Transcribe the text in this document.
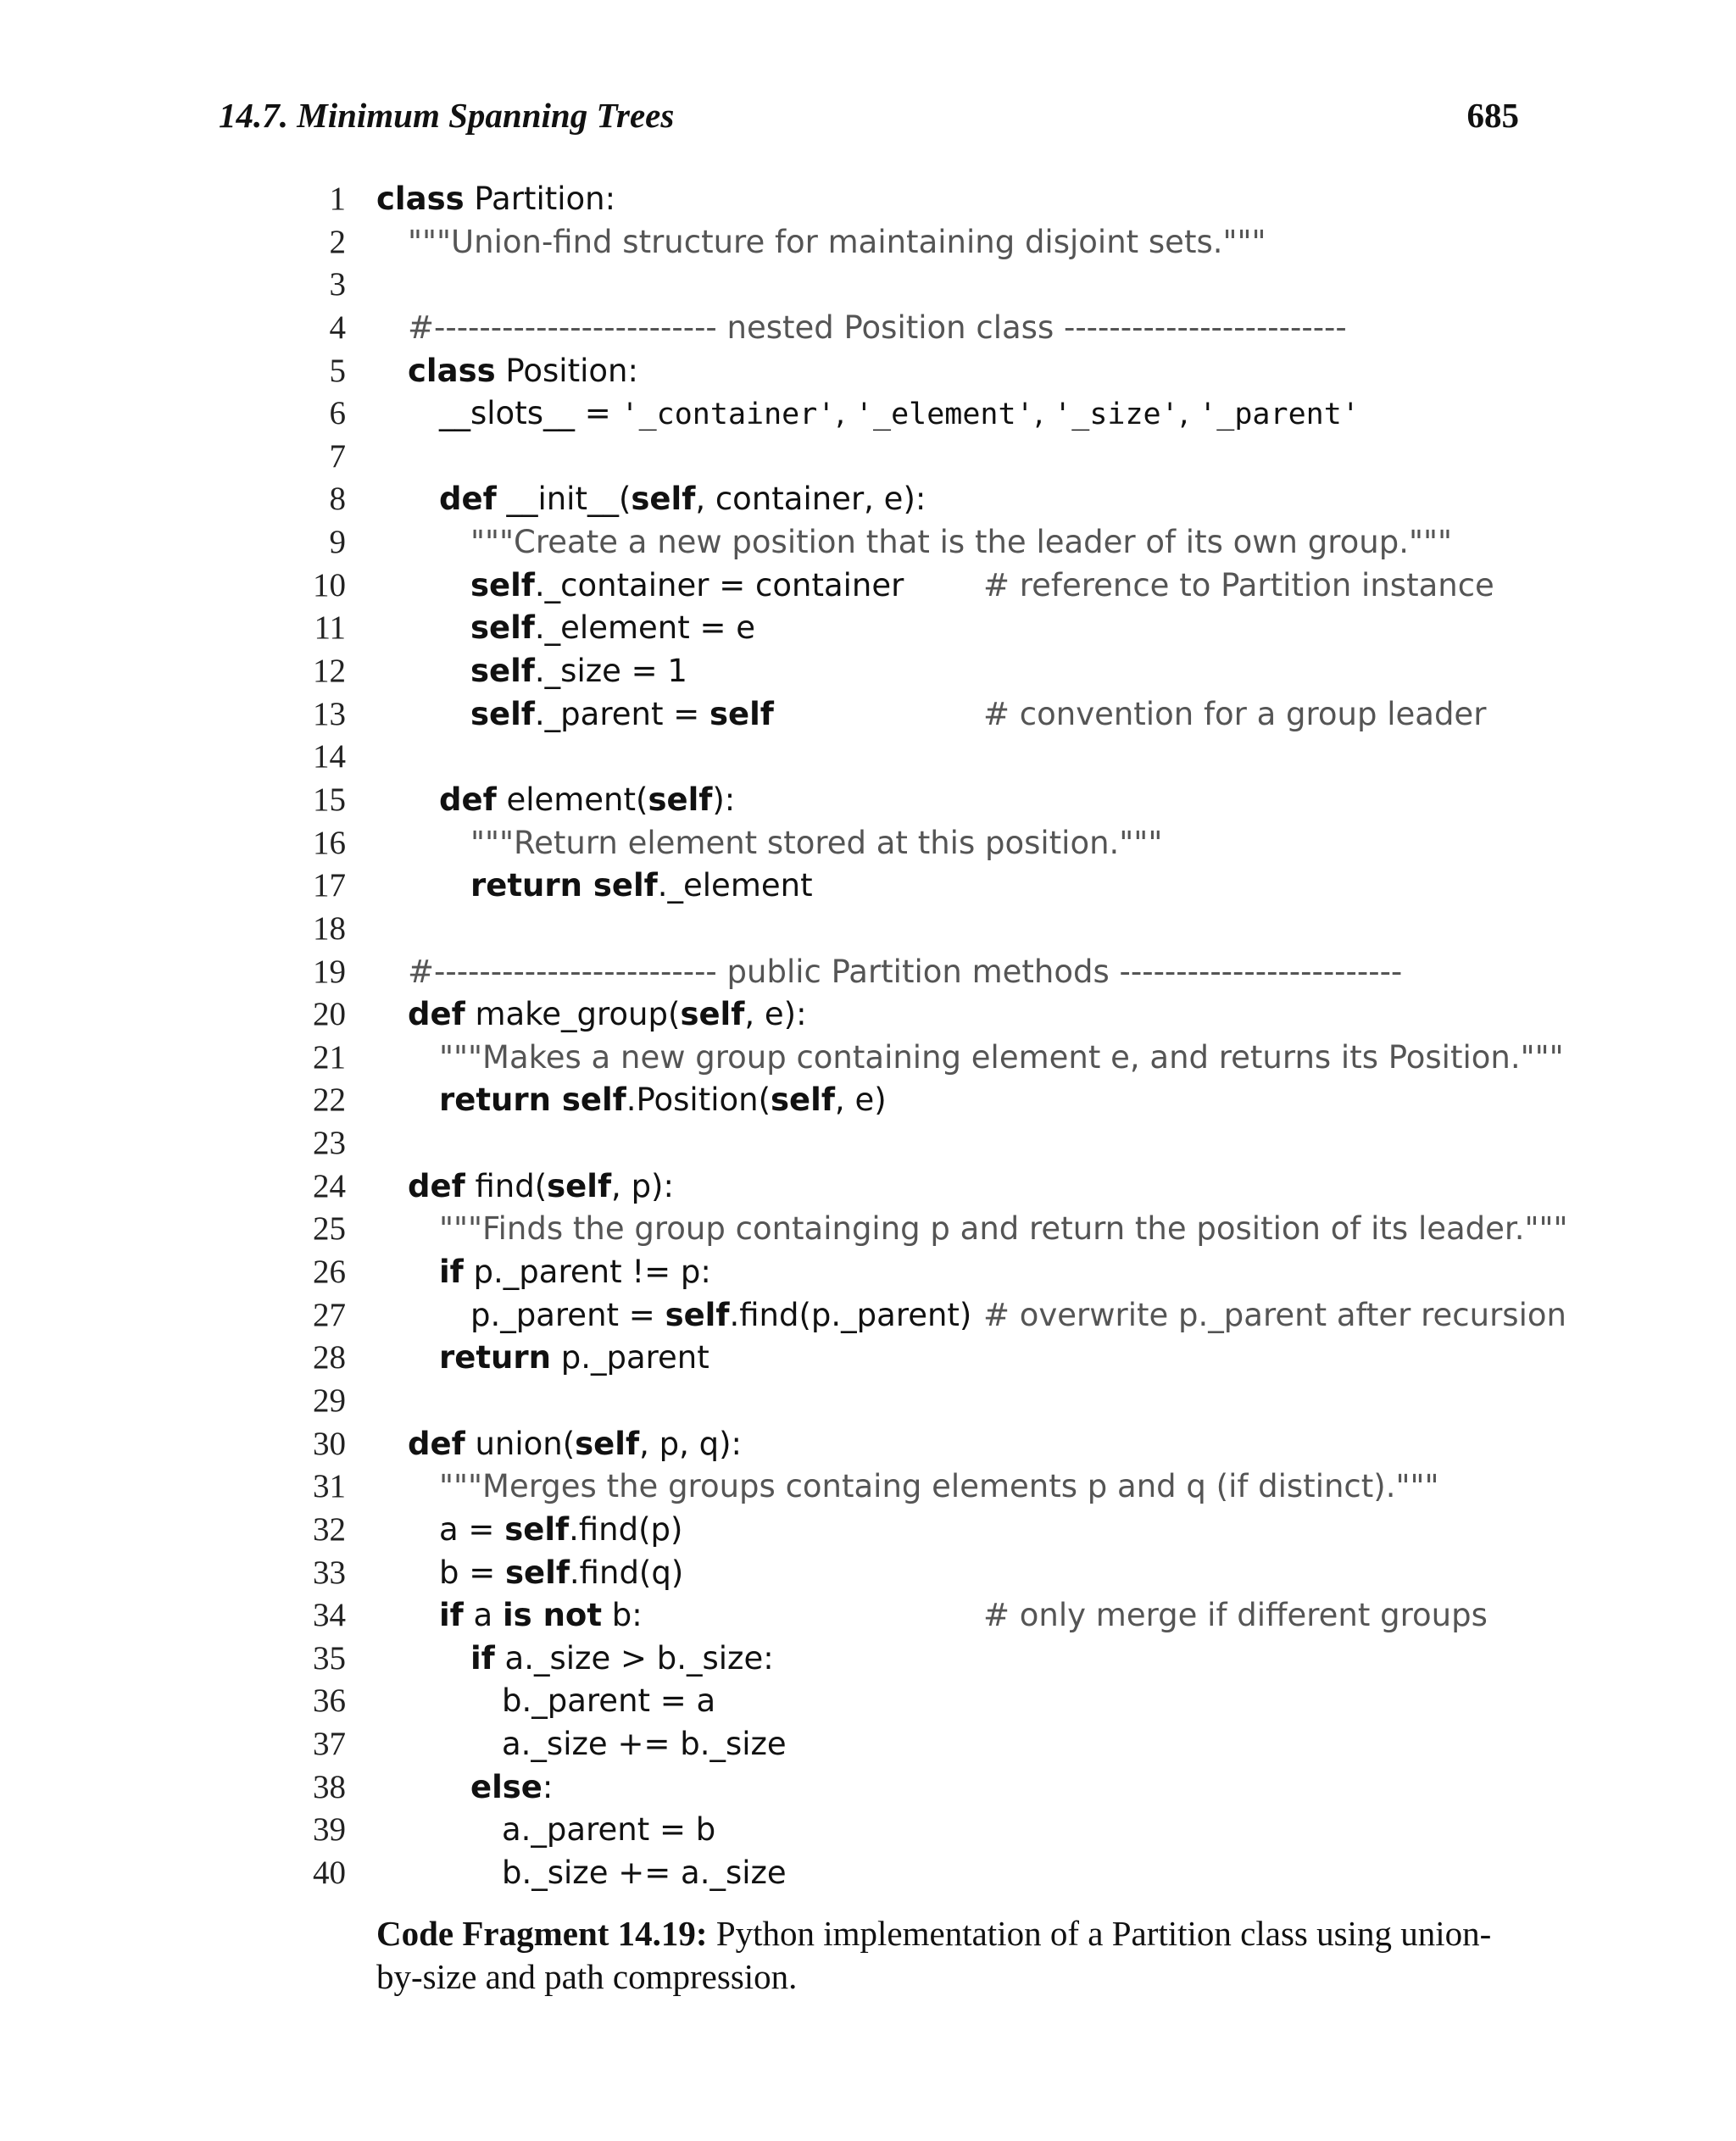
14.7. Minimum Spanning Trees	685
1 class Partition:
2 """Union-find structure for maintaining disjoint sets."""
3
4 #------------------------- nested Position class -------------------------
5 class Position:
6	__slots__ = '_container', '_element', '_size', '_parent'
7
8	def __init__(self, container, e):
9	"""Create a new position that is the leader of its own group."""
10	self._container = container	# reference to Partition instance
11	self._element = e
12	self._size = 1
13	self._parent = self	# convention for a group leader
14
15	def element(self):
16	"""Return element stored at this position."""
17	return self._element
18
19 #------------------------- public Partition methods -------------------------
20 def make_group(self, e):
21	"""Makes a new group containing element e, and returns its Position."""
22	return self.Position(self, e)
23
24 def find(self, p):
25	"""Finds the group containging p and return the position of its leader."""
26	if p._parent != p:
27	p._parent = self.find(p._parent) # overwrite p._parent after recursion
28	return p._parent
29
30 def union(self, p, q):
31	"""Merges the groups containg elements p and q (if distinct)."""
32	a = self.find(p)
33	b = self.find(q)
34	if a is not b:	# only merge if different groups
35	if a._size > b._size:
36	b._parent = a
37	a._size += b._size
38	else:
39	a._parent = b
40	b._size += a._size
Code Fragment 14.19: Python implementation of a Partition class using union-by-size and path compression.
